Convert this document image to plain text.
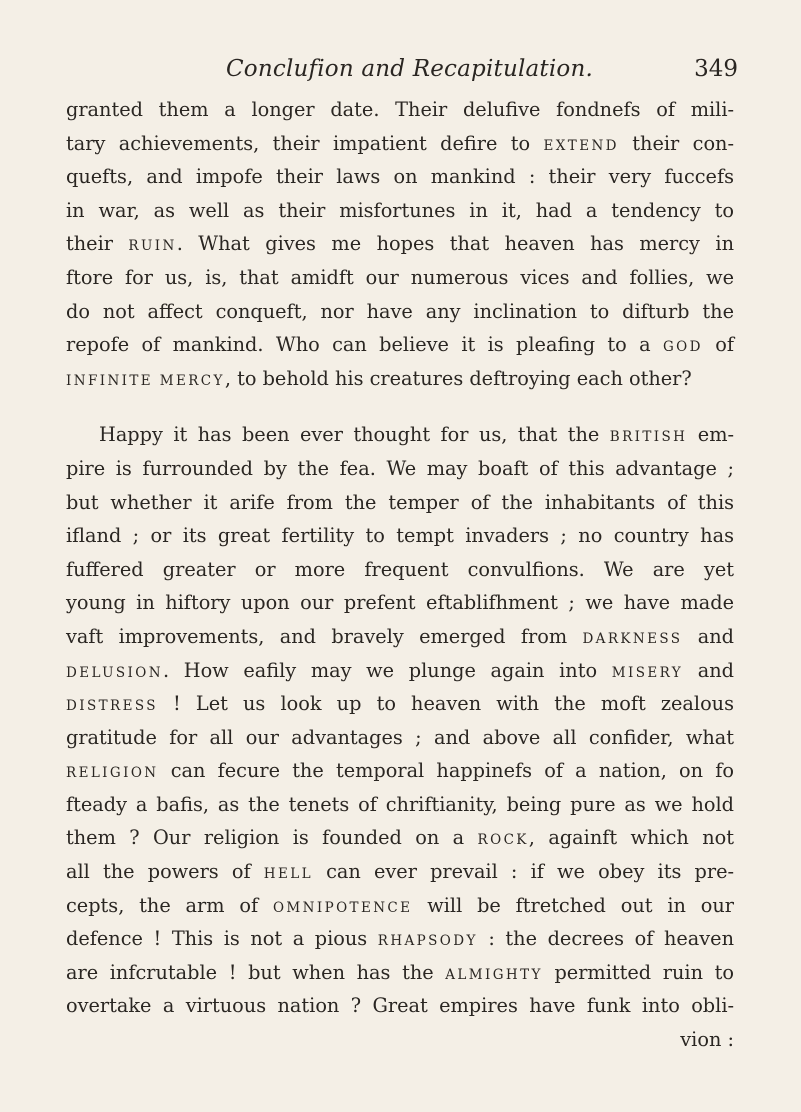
Conclufion and Recapitulation.	349
granted them a longer date. Their delufive fondnefs of mili-
tary achievements, their impatient defire to EXTEND their con-
quefts, and impofe their laws on mankind : their very fuccefs
in war, as well as their misfortunes in it, had a tendency to
their RUIN. What gives me hopes that heaven has mercy in
ftore for us, is, that amidft our numerous vices and follies, we
do not affect conqueft, nor have any inclination to difturb the
repofe of mankind. Who can believe it is pleafing to a GOD of
INFINITE MERCY, to behold his creatures deftroying each other?
Happy it has been ever thought for us, that the BRITISH em-
pire is furrounded by the fea. We may boaft of this advantage ;
but whether it arife from the temper of the inhabitants of this
ifland ; or its great fertility to tempt invaders ; no country has
fuffered greater or more frequent convulfions. We are yet
young in hiftory upon our prefent eftablifhment ; we have made
vaft improvements, and bravely emerged from DARKNESS and
DELUSION. How eafily may we plunge again into MISERY and
DISTRESS ! Let us look up to heaven with the moft zealous
gratitude for all our advantages ; and above all confider, what
RELIGION can fecure the temporal happinefs of a nation, on fo
fteady a bafis, as the tenets of chriftianity, being pure as we hold
them ? Our religion is founded on a ROCK, againft which not
all the powers of HELL can ever prevail : if we obey its pre-
cepts, the arm of OMNIPOTENCE will be ftretched out in our
defence ! This is not a pious RHAPSODY : the decrees of heaven
are infcrutable ! but when has the ALMIGHTY permitted ruin to
overtake a virtuous nation ? Great empires have funk into obli-
vion :
